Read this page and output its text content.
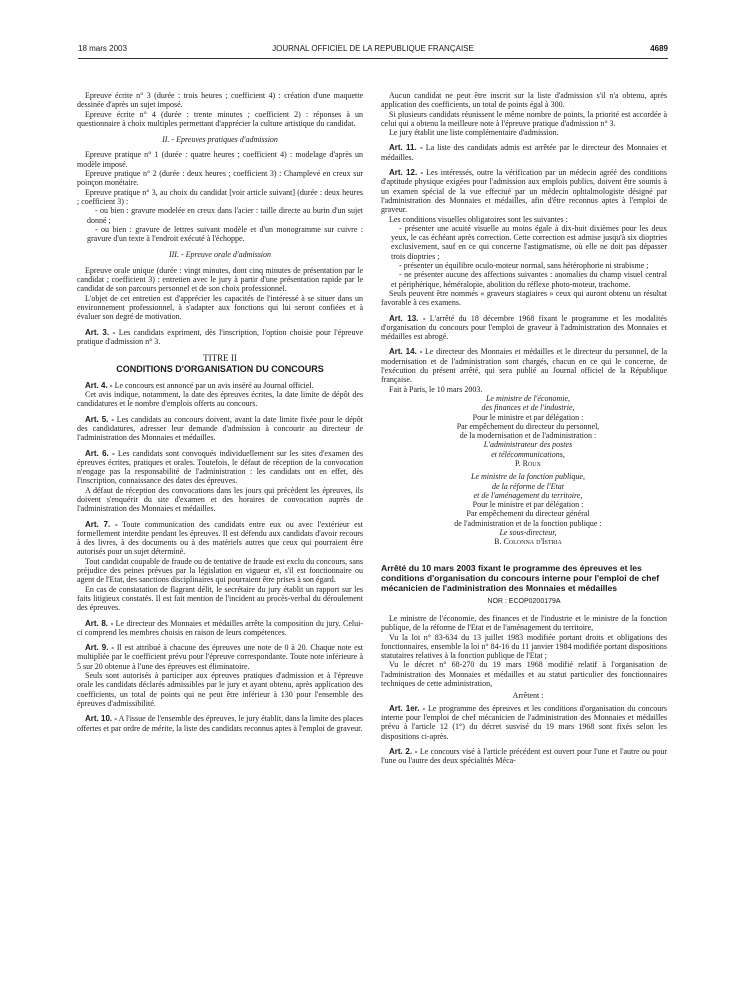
18 mars 2003	JOURNAL OFFICIEL DE LA REPUBLIQUE FRANÇAISE	4689

Epreuve écrite n° 3 (durée : trois heures ; coefficient 4) : création d'une maquette dessinée d'après un sujet imposé.

Epreuve écrite n° 4 (durée : trente minutes ; coefficient 2) : réponses à un questionnaire à choix multiples permettant d'apprécier la culture artistique du candidat.

II. - Epreuves pratiques d'admission

Epreuve pratique n° 1 (durée : quatre heures ; coefficient 4) : modelage d'après un modèle imposé.

Epreuve pratique n° 2 (durée : deux heures ; coefficient 3) : Champlevé en creux sur poinçon monétaire.

Epreuve pratique n° 3, au choix du candidat [voir article suivant] (durée : deux heures ; coefficient 3) :

- ou bien : gravure modelée en creux dans l'acier : taille directe au burin d'un sujet donné ;

- ou bien : gravure de lettres suivant modèle et d'un monogramme sur cuivre : gravure d'un texte à l'endroit exécuté à l'échoppe.

III. - Epreuve orale d'admission

Epreuve orale unique (durée : vingt minutes, dont cinq minutes de présentation par le candidat ; coefficient 3) : entretien avec le jury à partir d'une présentation rapide par le candidat de son parcours personnel et de son choix professionnel.

L'objet de cet entretien est d'apprécier les capacités de l'intéressé à se situer dans un environnement professionnel, à s'adapter aux fonctions qui lui seront confiées et à évaluer son degré de motivation.

Art. 3. - Les candidats expriment, dès l'inscription, l'option choisie pour l'épreuve pratique d'admission n° 3.

TITRE II
CONDITIONS D'ORGANISATION DU CONCOURS

Art. 4. - Le concours est annoncé par un avis inséré au Journal officiel.

Cet avis indique, notamment, la date des épreuves écrites, la date limite de dépôt des candidatures et le nombre d'emplois offerts au concours.

Art. 5. - Les candidats au concours doivent, avant la date limite fixée pour le dépôt des candidatures, adresser leur demande d'admission à concourir au directeur de l'administration des Monnaies et médailles.

Art. 6. - Les candidats sont convoqués individuellement sur les sites d'examen des épreuves écrites, pratiques et orales. Toutefois, le défaut de réception de la convocation n'engage pas la responsabilité de l'administration : les candidats ont en effet, dès l'inscription, connaissance des dates des épreuves.

A défaut de réception des convocations dans les jours qui précèdent les épreuves, ils doivent s'enquérir du site d'examen et des horaires de convocation auprès de l'administration des Monnaies et médailles.

Art. 7. - Toute communication des candidats entre eux ou avec l'extérieur est formellement interdite pendant les épreuves. Il est défendu aux candidats d'avoir recours à des livres, à des documents ou à des matériels autres que ceux qui pourraient être autorisés pour un sujet déterminé.

Tout candidat coupable de fraude ou de tentative de fraude est exclu du concours, sans préjudice des peines prévues par la législation en vigueur et, s'il est fonctionnaire ou agent de l'Etat, des sanctions disciplinaires qui pourraient être prises à son égard.

En cas de constatation de flagrant délit, le secrétaire du jury établit un rapport sur les faits litigieux constatés. Il est fait mention de l'incident au procès-verbal du déroulement des épreuves.

Art. 8. - Le directeur des Monnaies et médailles arrête la composition du jury. Celui-ci comprend les membres choisis en raison de leurs compétences.

Art. 9. - Il est attribué à chacune des épreuves une note de 0 à 20. Chaque note est multipliée par le coefficient prévu pour l'épreuve correspondante. Toute note inférieure à 5 sur 20 obtenue à l'une des épreuves est éliminatoire.

Seuls sont autorisés à participer aux épreuves pratiques d'admission et à l'épreuve orale les candidats déclarés admissibles par le jury et ayant obtenu, après application des coefficients, un total de points qui ne peut être inférieur à 130 pour l'ensemble des épreuves d'admissibilité.

Art. 10. - A l'issue de l'ensemble des épreuves, le jury établit, dans la limite des places offertes et par ordre de mérite, la liste des candidats reconnus aptes à l'emploi de graveur.

Aucun candidat ne peut être inscrit sur la liste d'admission s'il n'a obtenu, après application des coefficients, un total de points égal à 300.

Si plusieurs candidats réunissent le même nombre de points, la priorité est accordée à celui qui a obtenu la meilleure note à l'épreuve pratique d'admission n° 3.

Le jury établit une liste complémentaire d'admission.

Art. 11. - La liste des candidats admis est arrêtée par le directeur des Monnaies et médailles.

Art. 12. - Les intéressés, outre la vérification par un médecin agréé des conditions d'aptitude physique exigées pour l'admission aux emplois publics, doivent être soumis à un examen spécial de la vue effectué par un médecin ophtalmologiste désigné par l'administration des Monnaies et médailles, afin d'être reconnus aptes à l'emploi de graveur.

Les conditions visuelles obligatoires sont les suivantes :

- présenter une acuité visuelle au moins égale à dix-huit dixièmes pour les deux yeux, le cas échéant après correction. Cette correction est admise jusqu'à six dioptries exclusivement, sauf en ce qui concerne l'astigmatisme, où elle ne doit pas dépasser trois dioptries ;

- présenter un équilibre oculo-moteur normal, sans hétérophorie ni strabisme ;

- ne présenter aucune des affections suivantes : anomalies du champ visuel central et périphérique, héméralopie, abolition du réflexe photo-moteur, trachome.

Seuls peuvent être nommés « graveurs stagiaires » ceux qui auront obtenu un résultat favorable à ces examens.

Art. 13. - L'arrêté du 18 décembre 1968 fixant le programme et les modalités d'organisation du concours pour l'emploi de graveur à l'administration des Monnaies et médailles est abrogé.

Art. 14. - Le directeur des Monnaies et médailles et le directeur du personnel, de la modernisation et de l'administration sont chargés, chacun en ce qui le concerne, de l'exécution du présent arrêté, qui sera publié au Journal officiel de la République française.

Fait à Paris, le 10 mars 2003.

Le ministre de l'économie,

des finances et de l'industrie,

Pour le ministre et par délégation :

Par empêchement du directeur du personnel,

de la modernisation et de l'administration :

L'administrateur des postes

et télécommunications,

P. Roux

Le ministre de la fonction publique,

de la réforme de l'Etat

et de l'aménagement du territoire,

Pour le ministre et par délégation :

Par empêchement du directeur général

de l'administration et de la fonction publique :

Le sous-directeur,

B. Colonna d'Istria

Arrêté du 10 mars 2003 fixant le programme des épreuves et les conditions d'organisation du concours interne pour l'emploi de chef mécanicien de l'administration des Monnaies et médailles
NOR : ECOP0200179A

Le ministre de l'économie, des finances et de l'industrie et le ministre de la fonction publique, de la réforme de l'Etat et de l'aménagement du territoire,

Vu la loi n° 83-634 du 13 juillet 1983 modifiée portant droits et obligations des fonctionnaires, ensemble la loi n° 84-16 du 11 janvier 1984 modifiée portant dispositions statutaires relatives à la fonction publique de l'Etat ;

Vu le décret n° 68-270 du 19 mars 1968 modifié relatif à l'organisation de l'administration des Monnaies et médailles et au statut particulier des fonctionnaires techniques de cette administration,

Arrêtent :

Art. 1er. - Le programme des épreuves et les conditions d'organisation du concours interne pour l'emploi de chef mécanicien de l'administration des Monnaies et médailles prévu à l'article 12 (1°) du décret susvisé du 19 mars 1968 sont fixés selon les dispositions ci-après.

Art. 2. - Le concours visé à l'article précédent est ouvert pour l'une et l'autre ou pour l'une ou l'autre des deux spécialités Méca-
